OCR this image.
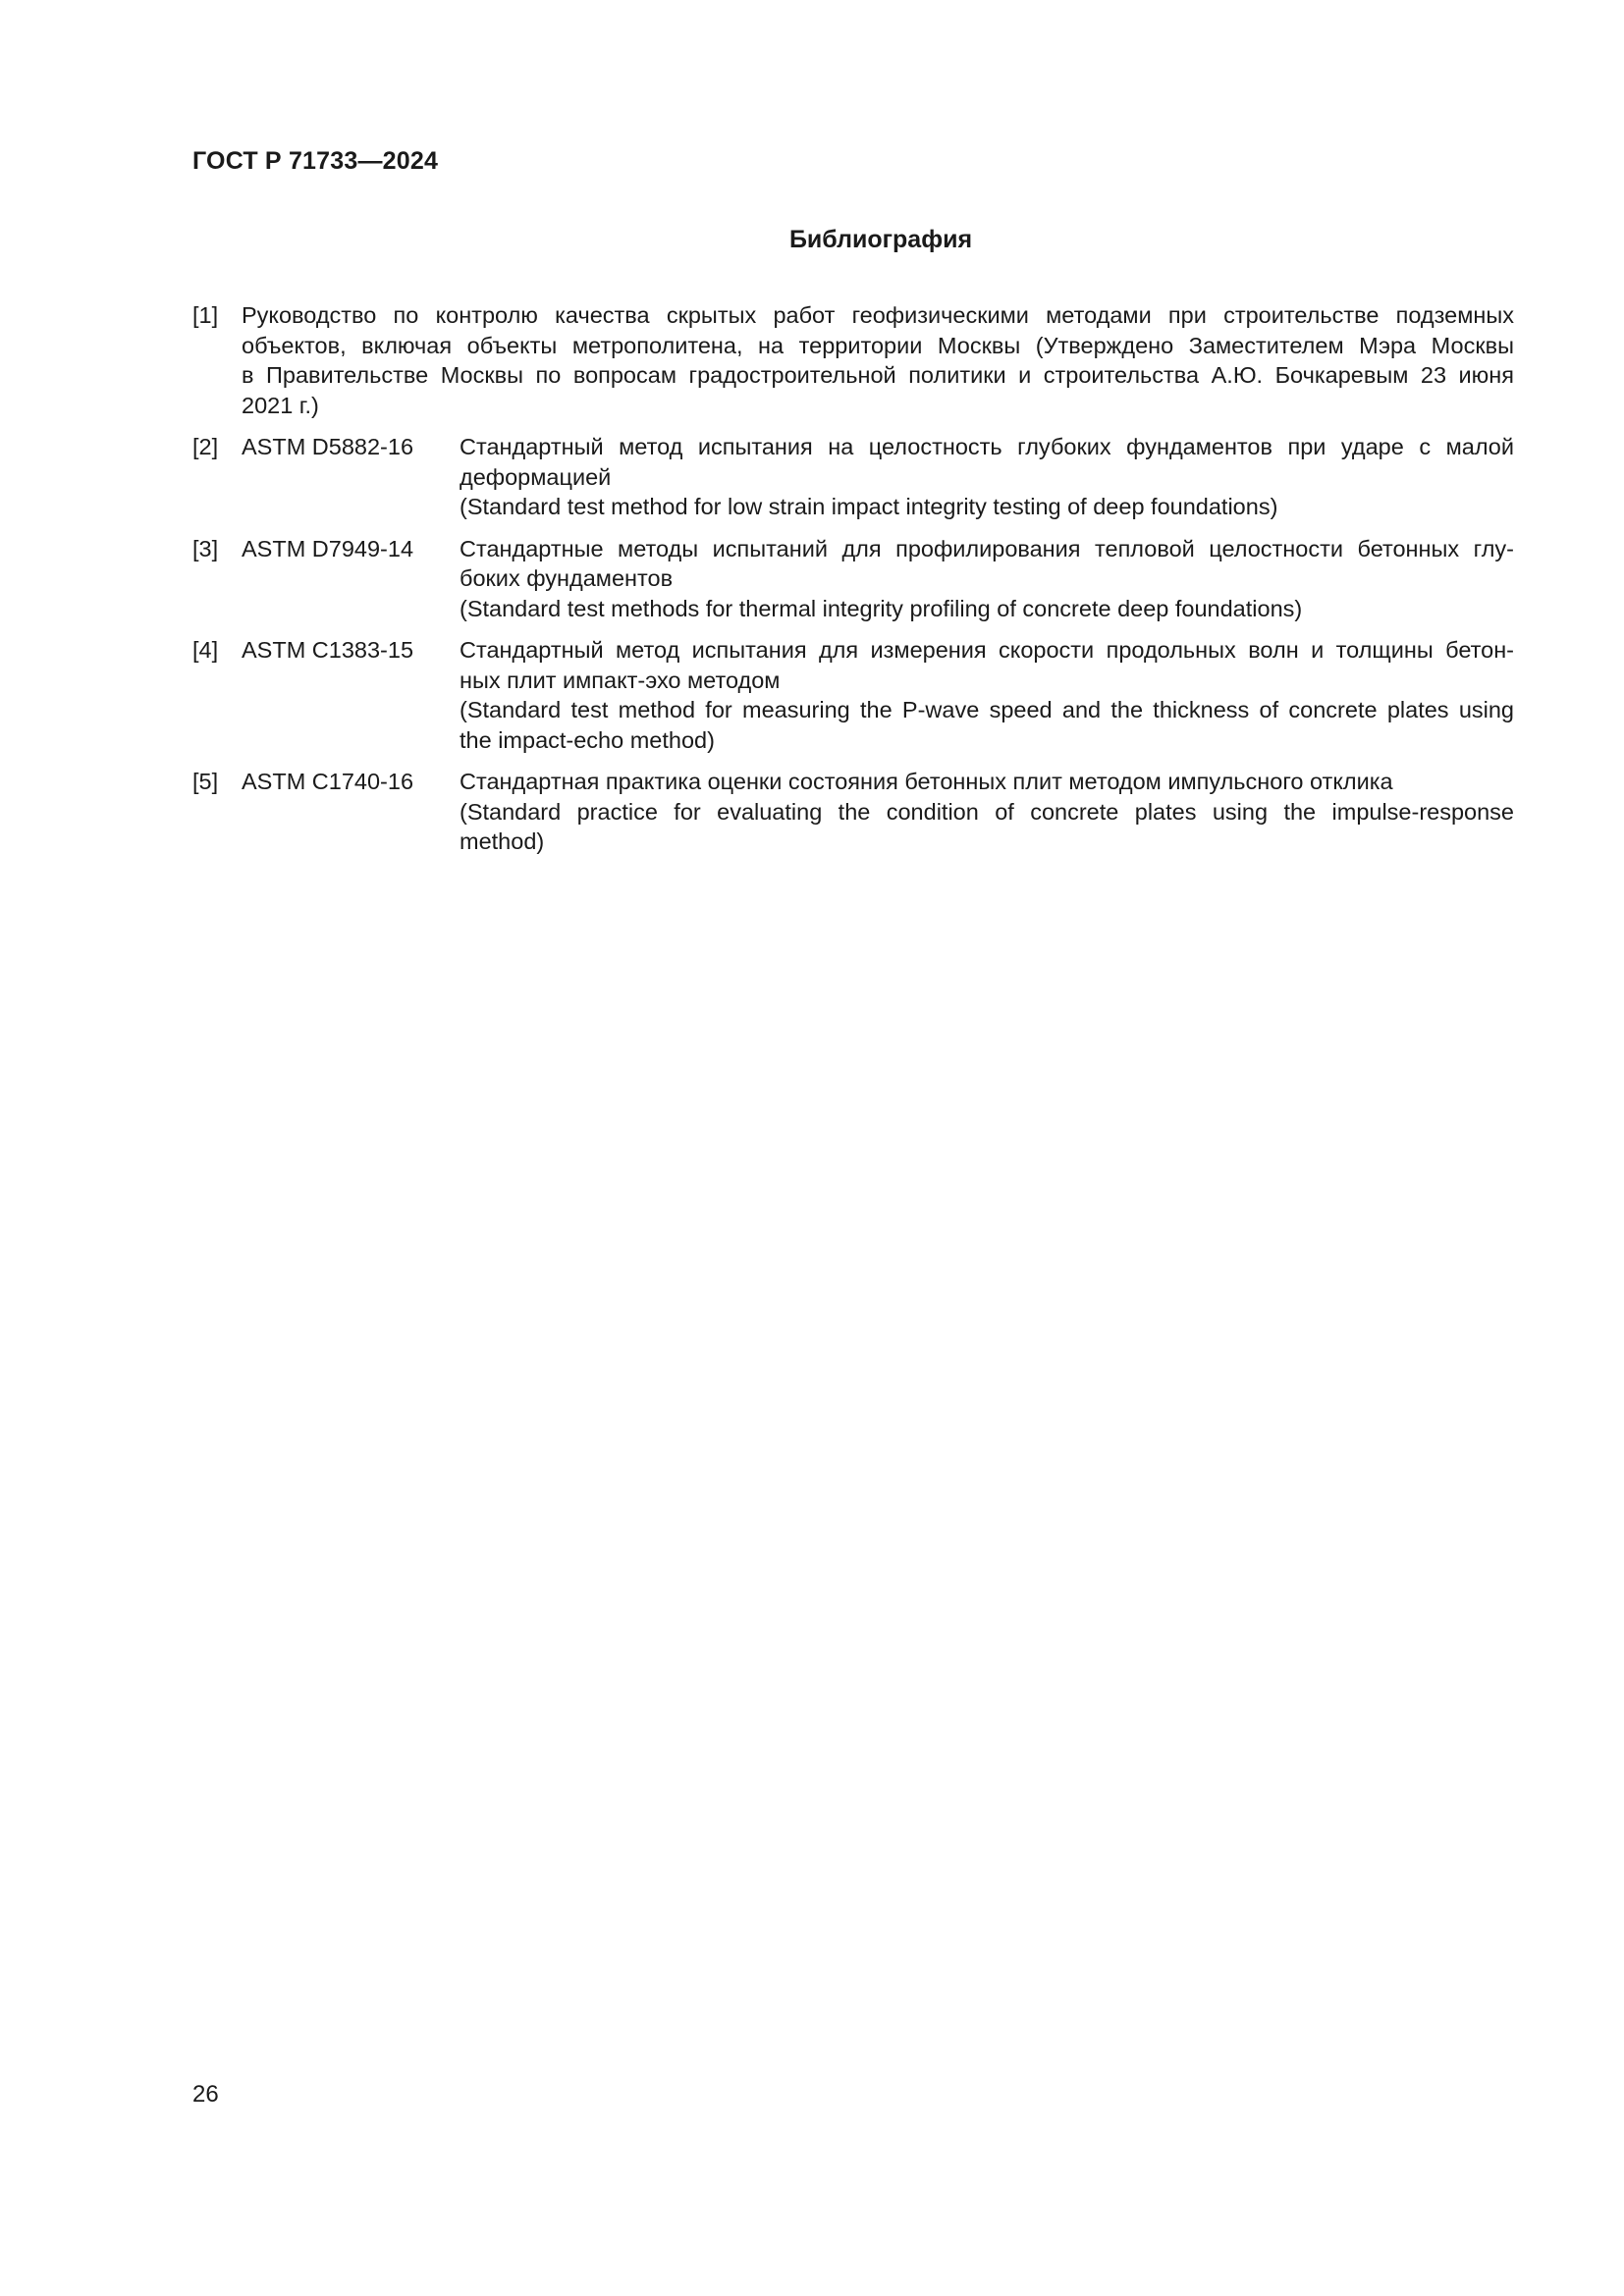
ГОСТ Р 71733—2024
Библиография
[1]	Руководство по контролю качества скрытых работ геофизическими методами при строительстве подземных
объектов, включая объекты метрополитена, на территории Москвы (Утверждено Заместителем Мэра Москвы
в Правительстве Москвы по вопросам градостроительной политики и строительства А.Ю. Бочкаревым 23 июня
2021 г.)
[2]	ASTM D5882-16	Стандартный метод испытания на целостность глубоких фундаментов при ударе с малой
деформацией
(Standard test method for low strain impact integrity testing of deep foundations)
[3]	ASTM D7949-14	Стандартные методы испытаний для профилирования тепловой целостности бетонных глу-
боких фундаментов
(Standard test methods for thermal integrity profiling of concrete deep foundations)
[4]	ASTM C1383-15	Стандартный метод испытания для измерения скорости продольных волн и толщины бетон-
ных плит импакт-эхо методом
(Standard test method for measuring the P-wave speed and the thickness of concrete plates using
the impact-echo method)
[5]	ASTM C1740-16	Стандартная практика оценки состояния бетонных плит методом импульсного отклика
(Standard practice for evaluating the condition of concrete plates using the impulse-response
method)
26
